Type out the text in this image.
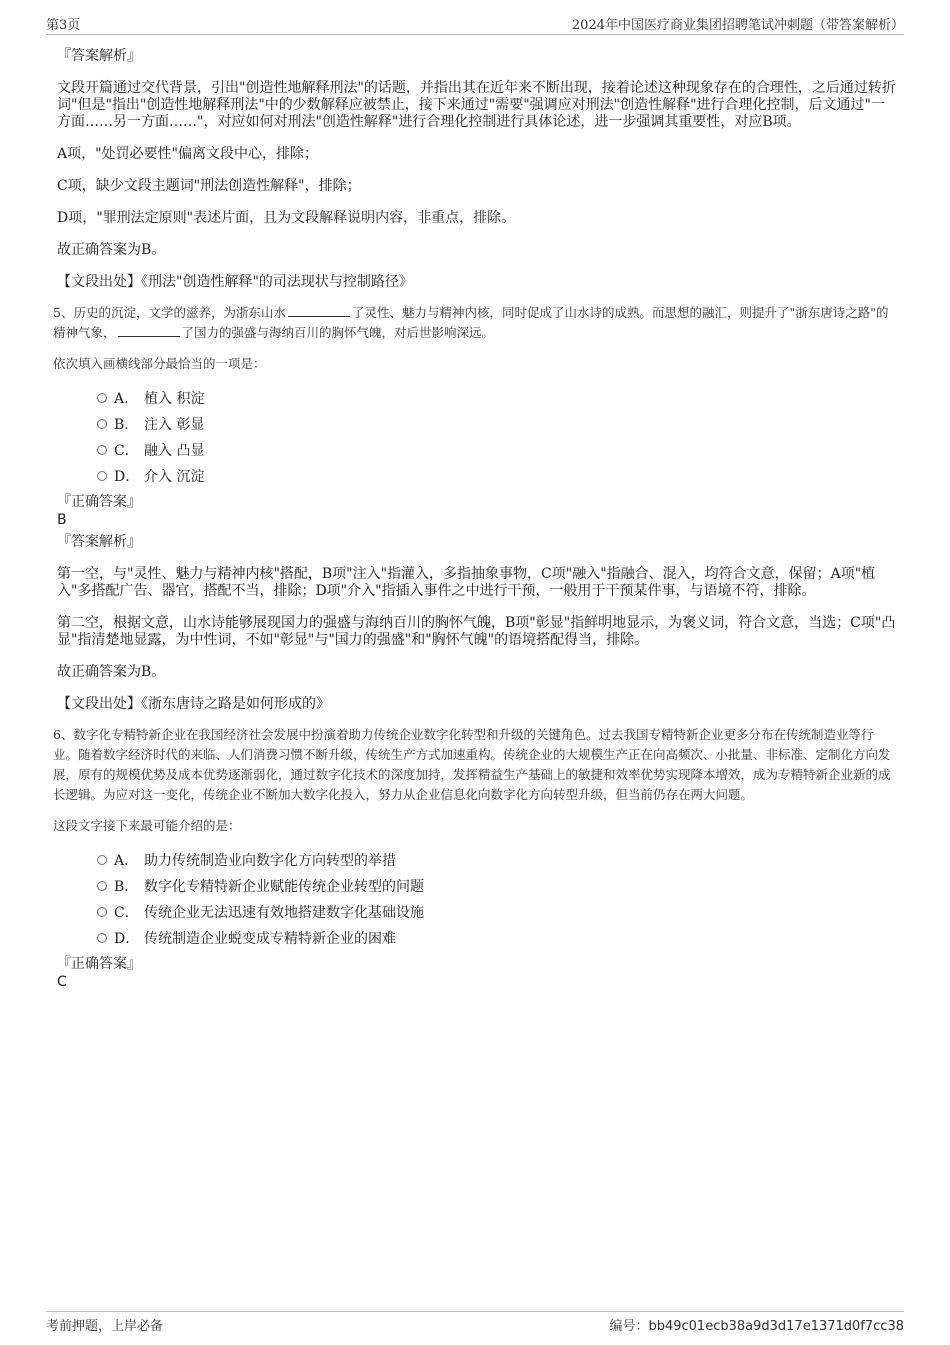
第3页	2024年中国医疗商业集团招聘笔试冲刺题（带答案解析）

『答案解析』

文段开篇通过交代背景，引出"创造性地解释刑法"的话题，并指出其在近年来不断出现，接着论述这种现象存在的合理性，之后通过转折词"但是"指出"创造性地解释刑法"中的少数解释应被禁止，接下来通过"需要"强调应对刑法"创造性解释"进行合理化控制，后文通过"一方面……另一方面……"，对应如何对刑法"创造性解释"进行合理化控制进行具体论述，进一步强调其重要性，对应B项。

A项，"处罚必要性"偏离文段中心，排除；

C项，缺少文段主题词"刑法创造性解释"，排除；

D项，"罪刑法定原则"表述片面，且为文段解释说明内容，非重点，排除。

故正确答案为B。

【文段出处】《刑法"创造性解释"的司法现状与控制路径》

5、历史的沉淀，文学的滋养，为浙东山水	了灵性、魅力与精神内核，同时促成了山水诗的成熟。而思想的融汇，则提升了"浙东唐诗之路"的精神气象，	了国力的强盛与海纳百川的胸怀气魄，对后世影响深远。

依次填入画横线部分最恰当的一项是：

A． 植入 积淀
B． 注入 彰显
C． 融入 凸显
D． 介入 沉淀

『正确答案』

B

『答案解析』

第一空，与"灵性、魅力与精神内核"搭配，B项"注入"指灌入，多指抽象事物，C项"融入"指融合、混入，均符合文意，保留；A项"植入"多搭配广告、器官，搭配不当，排除；D项"介入"指插入事件之中进行干预，一般用于干预某件事，与语境不符，排除。

第二空，根据文意，山水诗能够展现国力的强盛与海纳百川的胸怀气魄，B项"彰显"指鲜明地显示，为褒义词，符合文意，当选；C项"凸显"指清楚地显露，为中性词，不如"彰显"与"国力的强盛"和"胸怀气魄"的语境搭配得当，排除。

故正确答案为B。

【文段出处】《浙东唐诗之路是如何形成的》

6、数字化专精特新企业在我国经济社会发展中扮演着助力传统企业数字化转型和升级的关键角色。过去我国专精特新企业更多分布在传统制造业等行业。随着数字经济时代的来临、人们消费习惯不断升级，传统生产方式加速重构。传统企业的大规模生产正在向高频次、小批量、非标准、定制化方向发展，原有的规模优势及成本优势逐渐弱化，通过数字化技术的深度加持，发挥精益生产基础上的敏捷和效率优势实现降本增效，成为专精特新企业新的成长逻辑。为应对这一变化，传统企业不断加大数字化投入，努力从企业信息化向数字化方向转型升级，但当前仍存在两大问题。

这段文字接下来最可能介绍的是：

A． 助力传统制造业向数字化方向转型的举措
B． 数字化专精特新企业赋能传统企业转型的问题
C． 传统企业无法迅速有效地搭建数字化基础设施
D． 传统制造企业蜕变成专精特新企业的困难

『正确答案』

C

考前押题，上岸必备	编号：bb49c01ecb38a9d3d17e1371d0f7cc38
